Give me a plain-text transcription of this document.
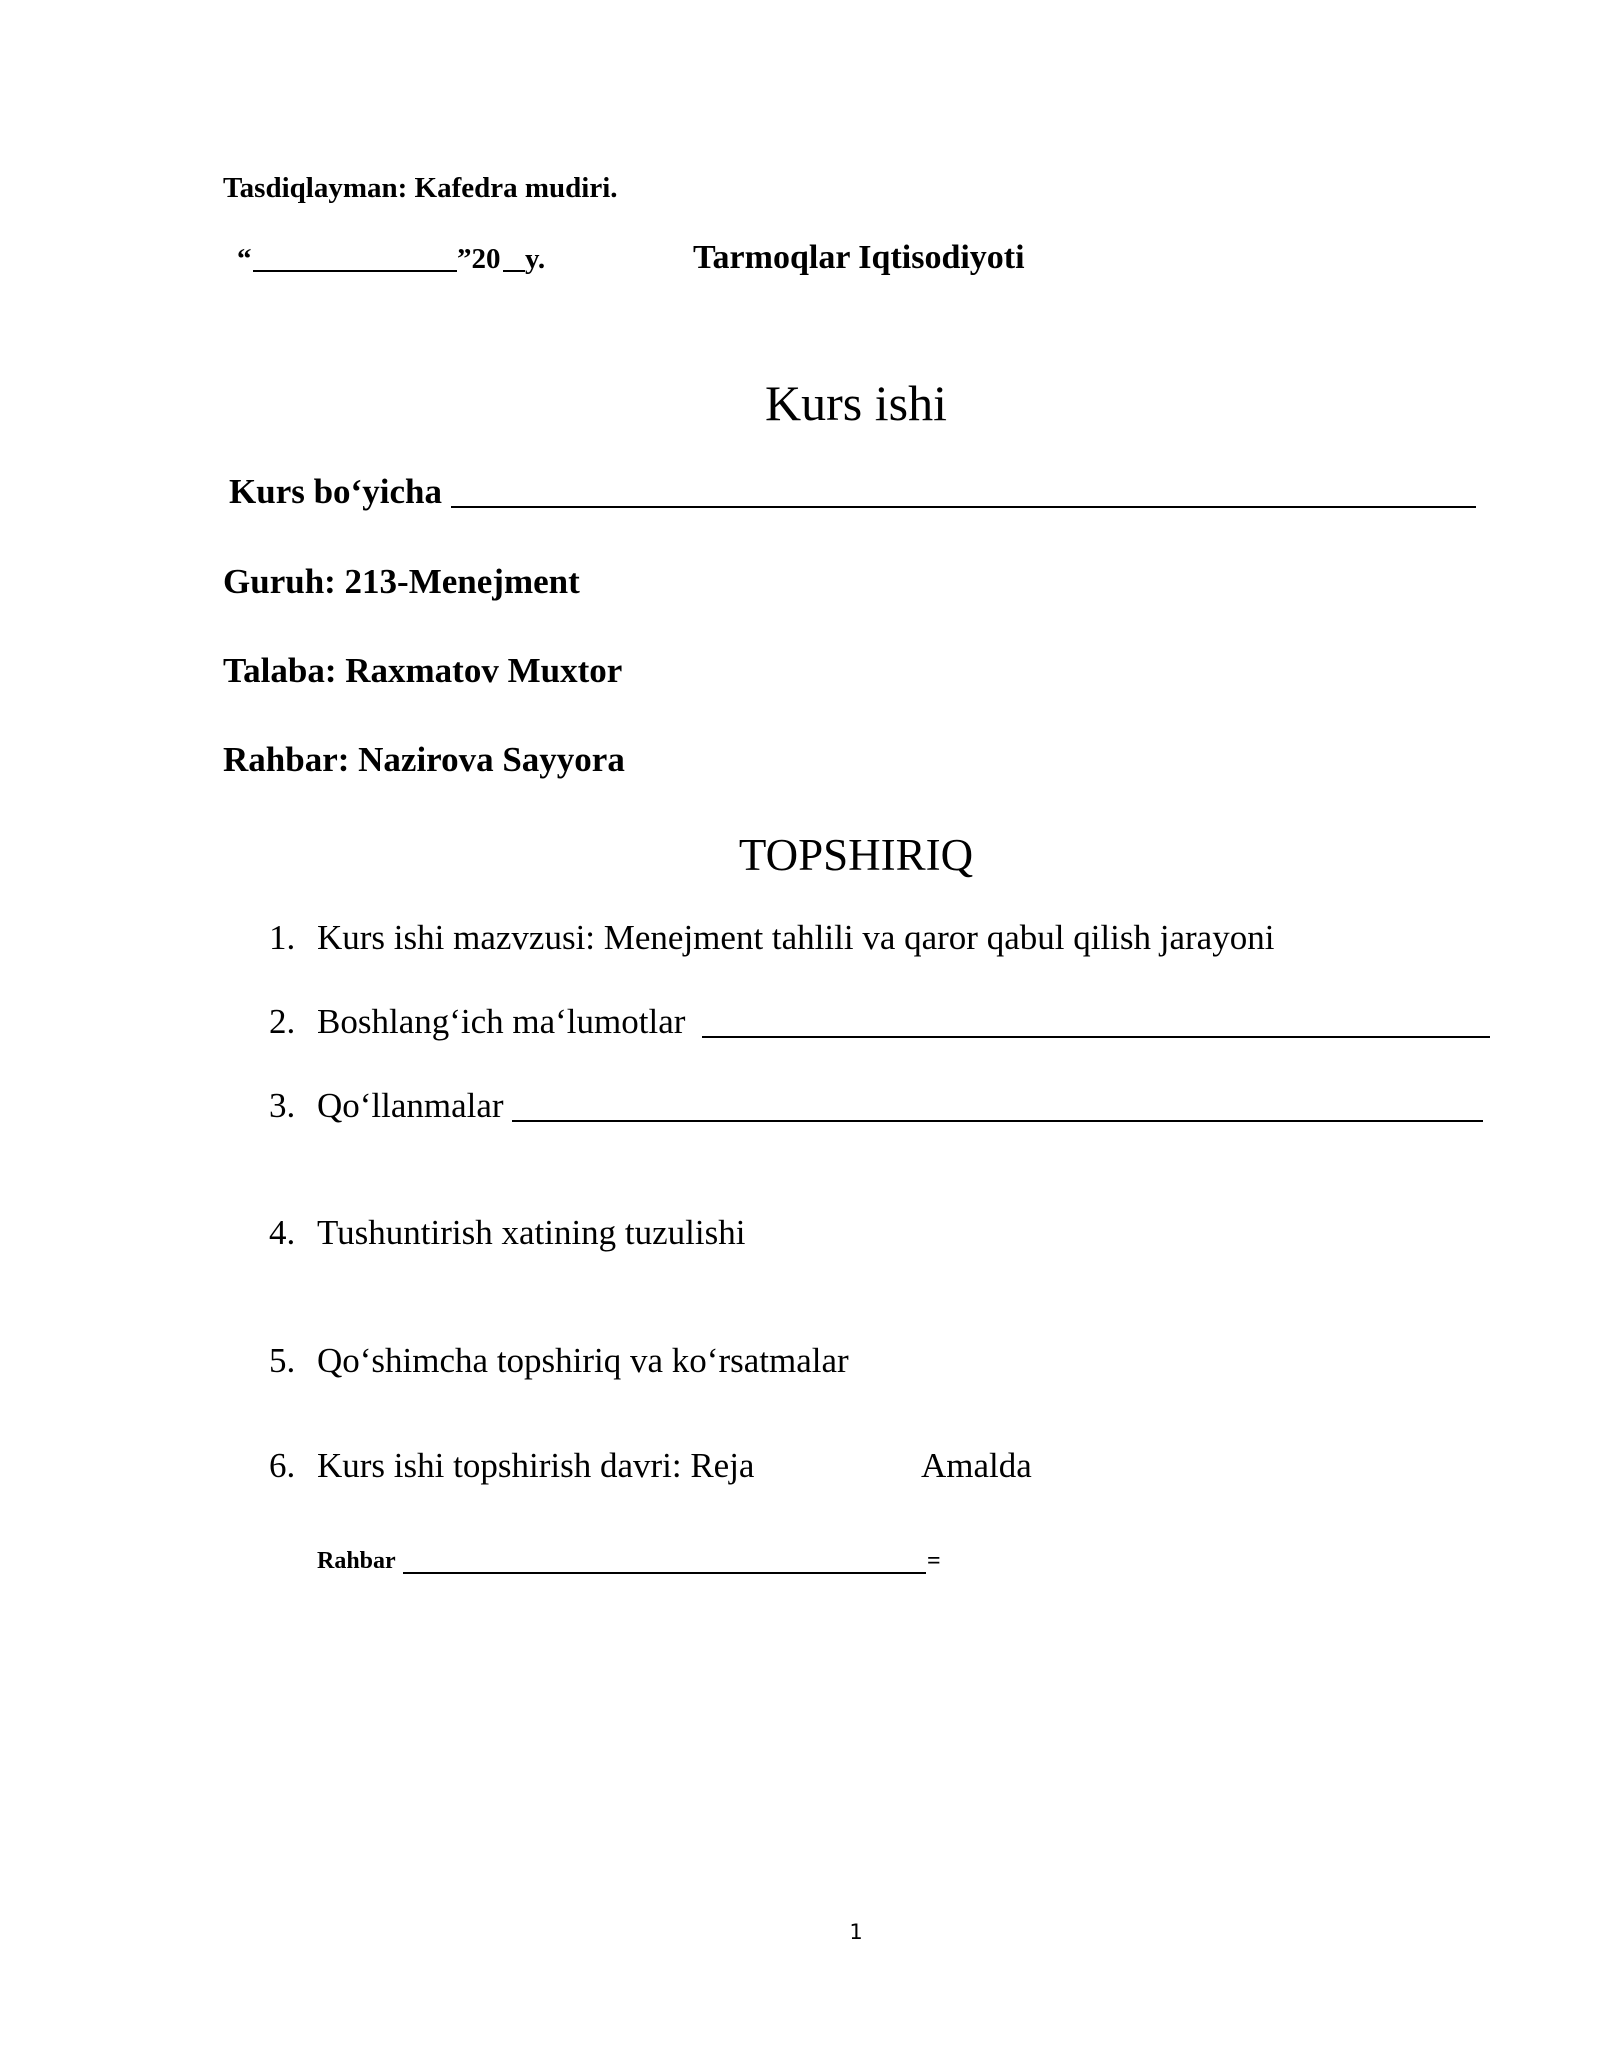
Tasdiqlayman: Kafedra mudiri.
“	”20 y.	Tarmoqlar Iqtisodiyoti
Kurs ishi
Kurs bo‘yicha
Guruh: 213-Menejment
Talaba: Raxmatov Muxtor
Rahbar: Nazirova Sayyora
TOPSHIRIQ
1. Kurs ishi mazvzusi: Menejment tahlili va qaror qabul qilish jarayoni
2. Boshlang‘ich ma‘lumotlar
3. Qo‘llanmalar
4. Tushuntirish xatining tuzulishi
5. Qo‘shimcha topshiriq va ko‘rsatmalar
6. Kurs ishi topshirish davri: Reja	Amalda
Rahbar	=
1
